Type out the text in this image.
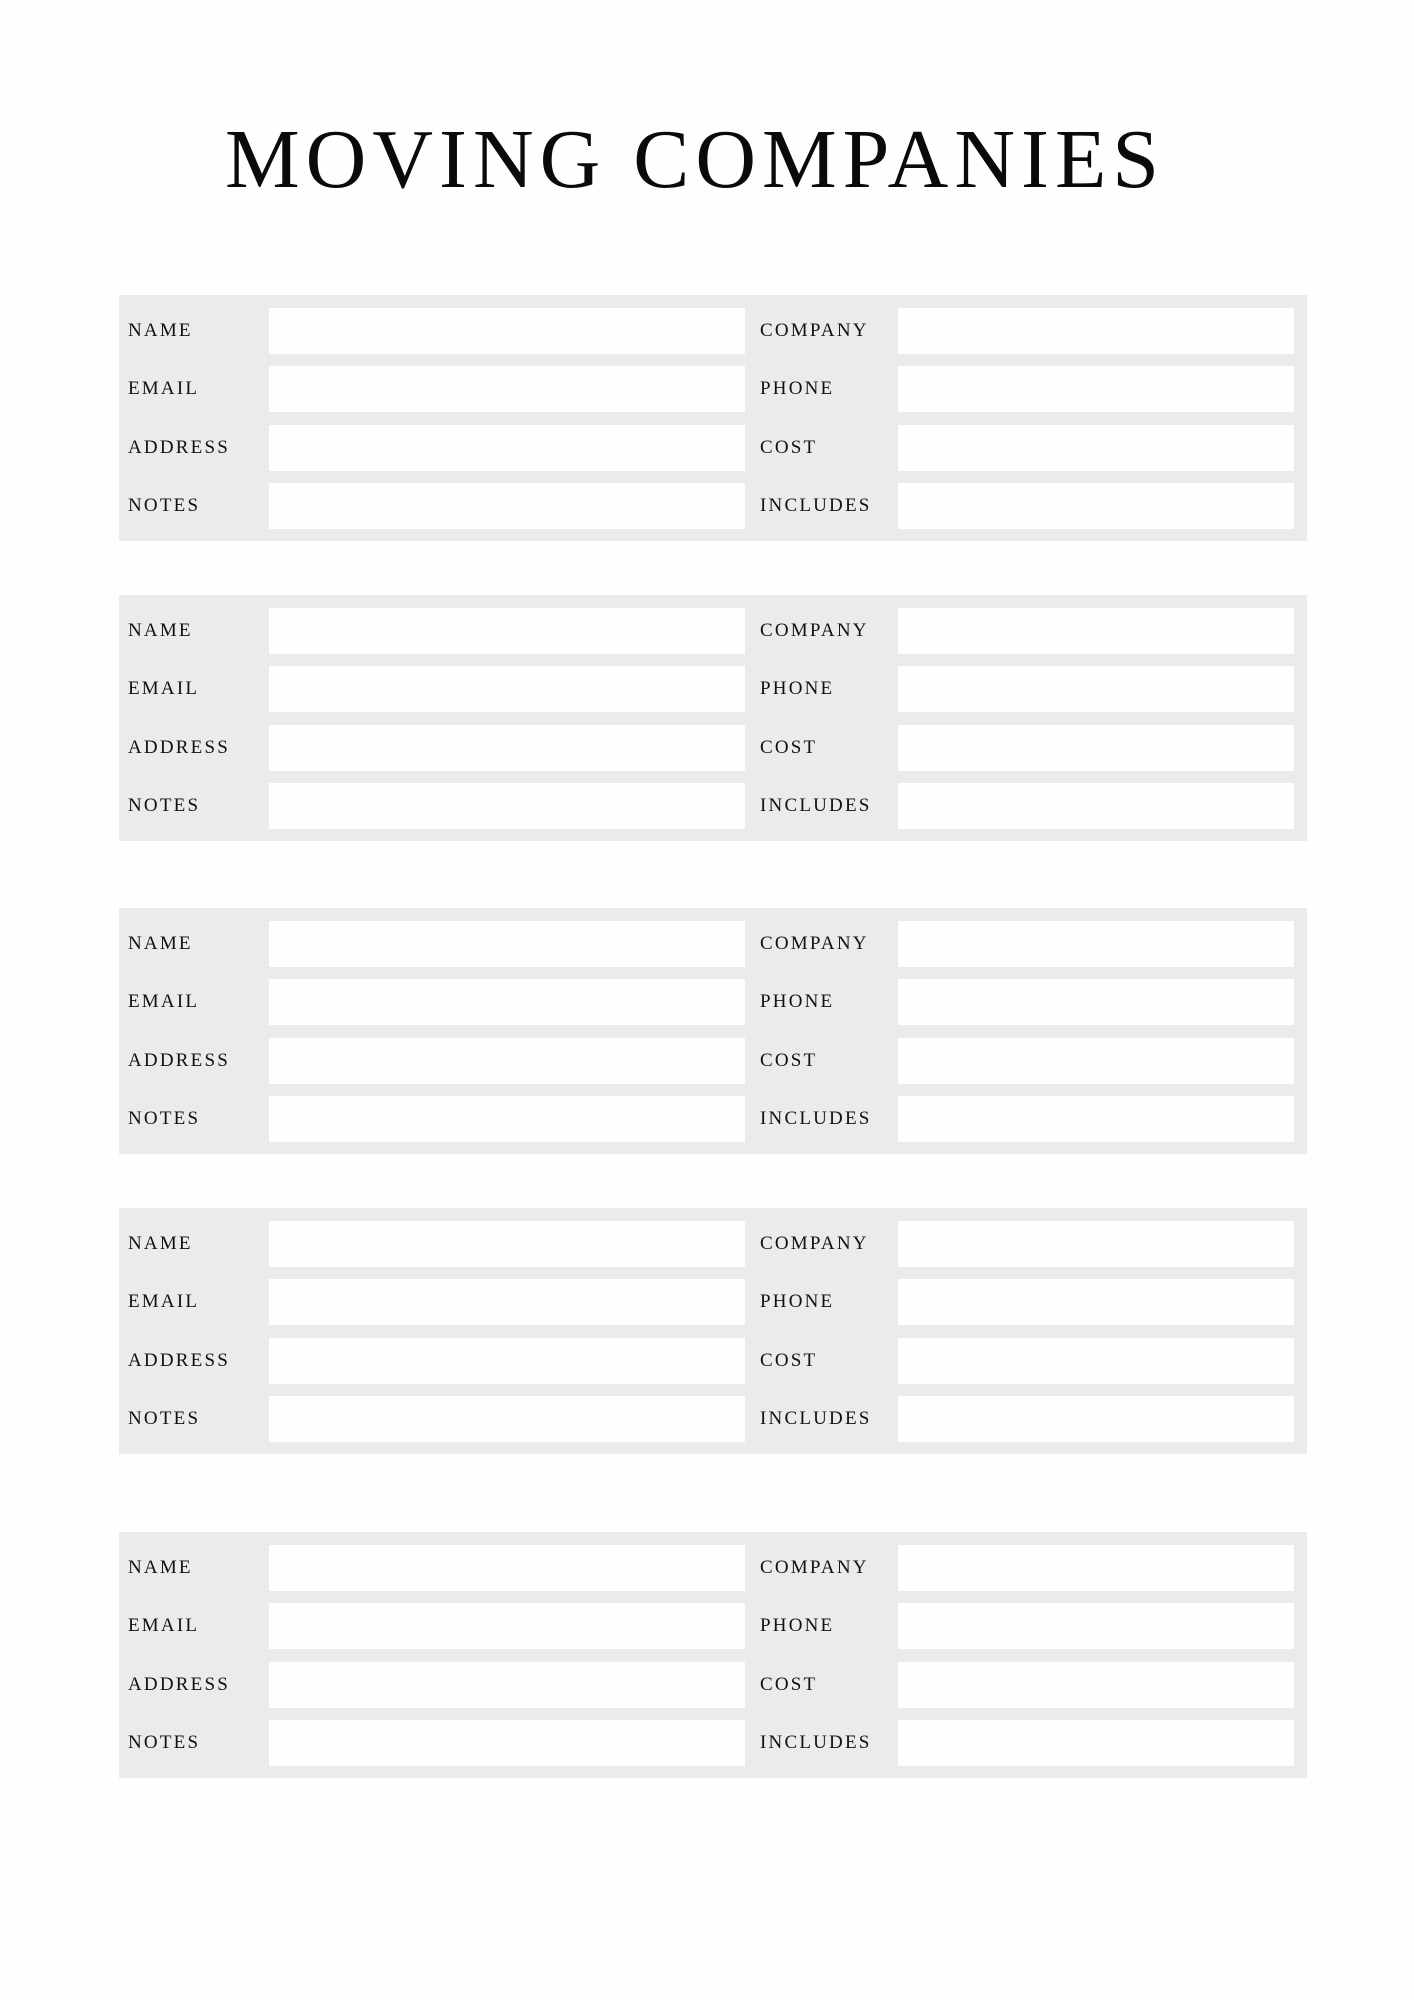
MOVING COMPANIES
NAME	COMPANY
EMAIL	PHONE
ADDRESS	COST
NOTES	INCLUDES
NAME	COMPANY
EMAIL	PHONE
ADDRESS	COST
NOTES	INCLUDES
NAME	COMPANY
EMAIL	PHONE
ADDRESS	COST
NOTES	INCLUDES
NAME	COMPANY
EMAIL	PHONE
ADDRESS	COST
NOTES	INCLUDES
NAME	COMPANY
EMAIL	PHONE
ADDRESS	COST
NOTES	INCLUDES
